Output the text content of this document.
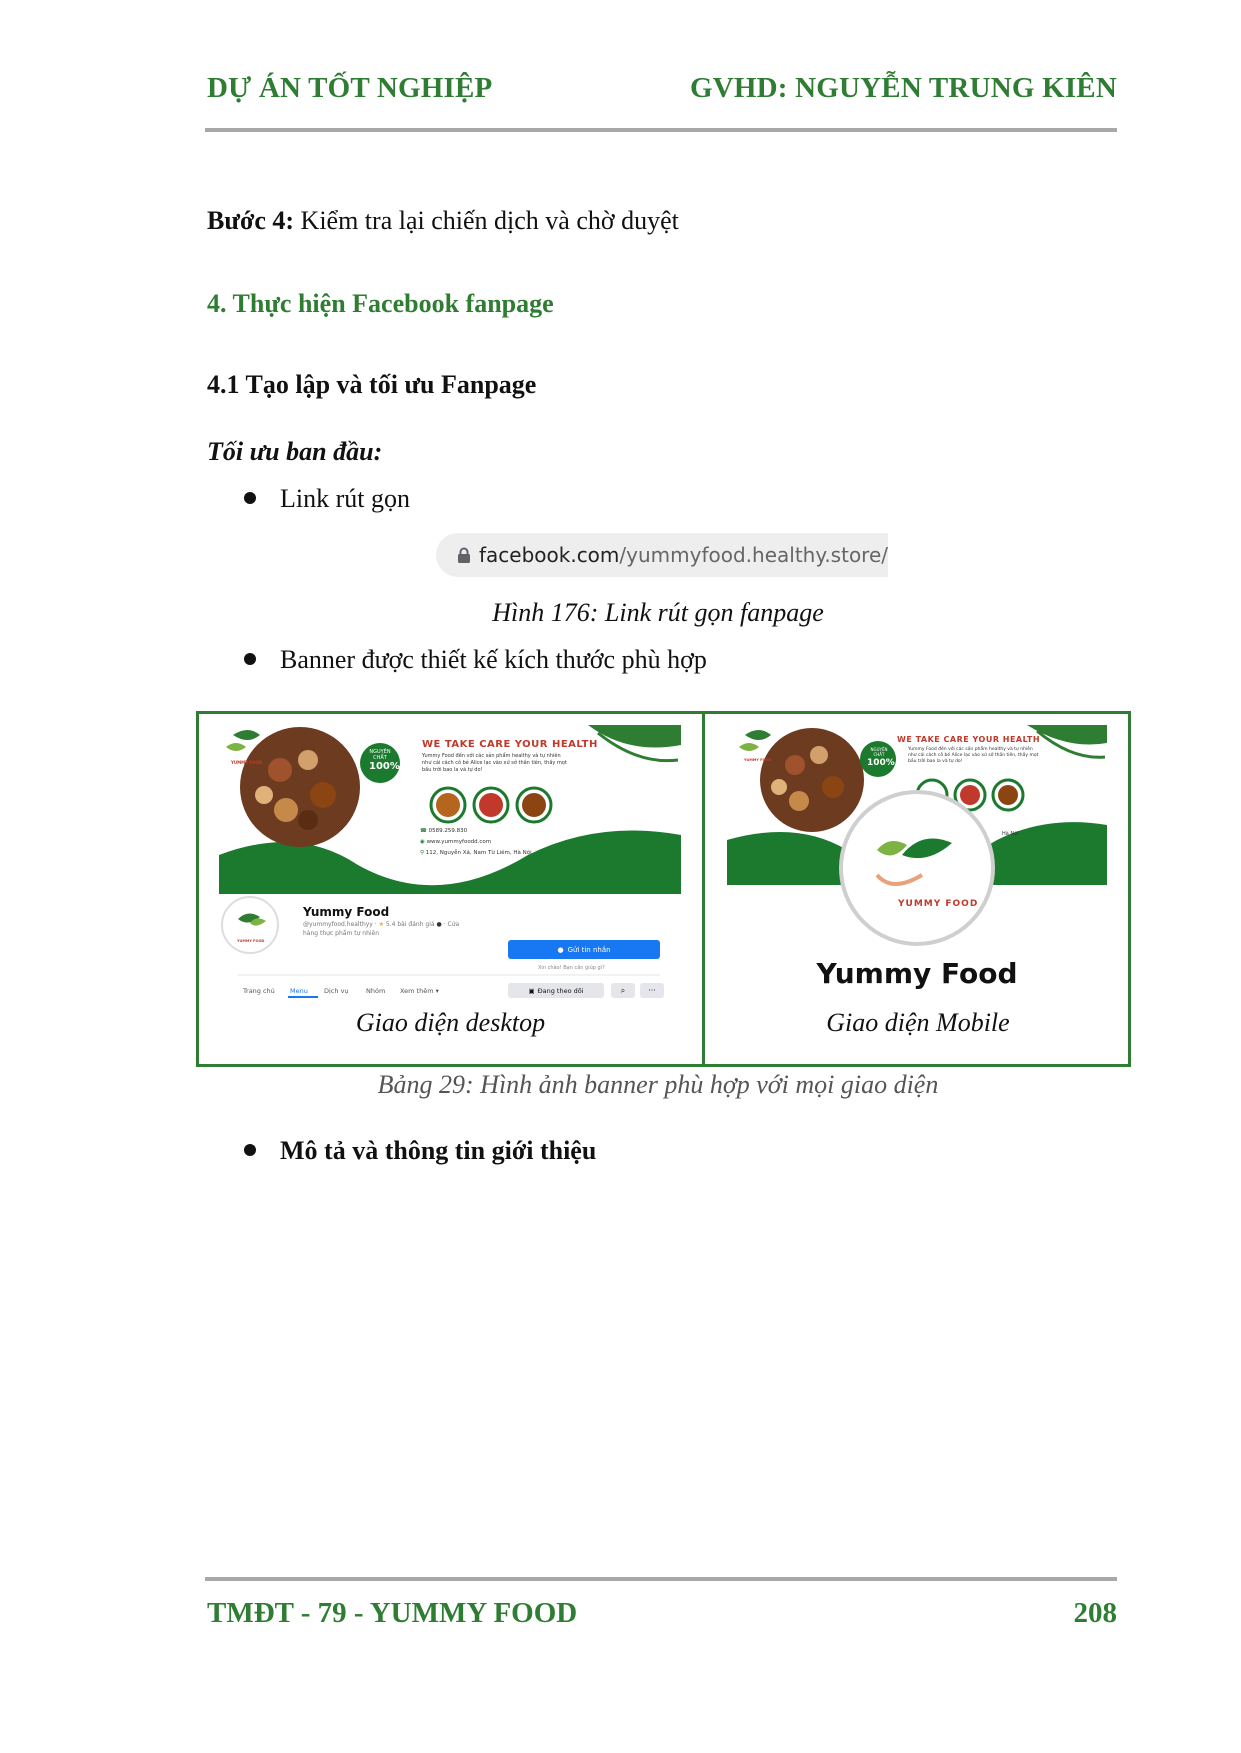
DỰ ÁN TỐT NGHIỆP	GVHD: NGUYỄN TRUNG KIÊN
Bước 4: Kiểm tra lại chiến dịch và chờ duyệt
4. Thực hiện Facebook fanpage
4.1 Tạo lập và tối ưu Fanpage
Tối ưu ban đầu:
Link rút gọn
facebook.com /yummyfood.healthy.store/
Hình 176: Link rút gọn fanpage
Banner được thiết kế kích thước phù hợp
WE TAKE CARE YOUR HEALTH
NGUYÊN
CHẤT
100%
Yummy Food đến với các sản phẩm healthy và tự nhiên
như cái cách cô bé Alice lạc vào xứ sở thần tiên, thấy mọt
bầu trời bao la và tự do!
☎ 0589.259.830
◉ www.yummyfoodd.com
⚲ 112, Nguyễn Xá, Nam Từ Liêm, Hà Nội
YUMMY FOOD
YUMMY FOOD
Yummy Food
@yummyfood.healthyy · ★ 5.4 bài đánh giá ● · Cửa
hàng thực phẩm tự nhiên
● Gửi tin nhắn
Xin chào! Bạn cần giúp gì?
Trang chủ Menu Dịch vụ	Nhóm Xem thêm ▾	▣ Đang theo dõi	⌕	···
WE TAKE CARE YOUR HEALTH
Yummy Food đến với các sản phẩm healthy và tự nhiên
như cái cách cô bé Alice lạc vào xứ sở thần tiên, thấy mọt
bầu trời bao la và tự do!
NGUYÊN
CHẤT
100%
YUMMY FOOD
Hà Nội
YUMMY FOOD
Yummy Food
Giao diện desktop	Giao diện Mobile
Bảng 29: Hình ảnh banner phù hợp với mọi giao diện
Mô tả và thông tin giới thiệu
TMĐT - 79 - YUMMY FOOD	208
